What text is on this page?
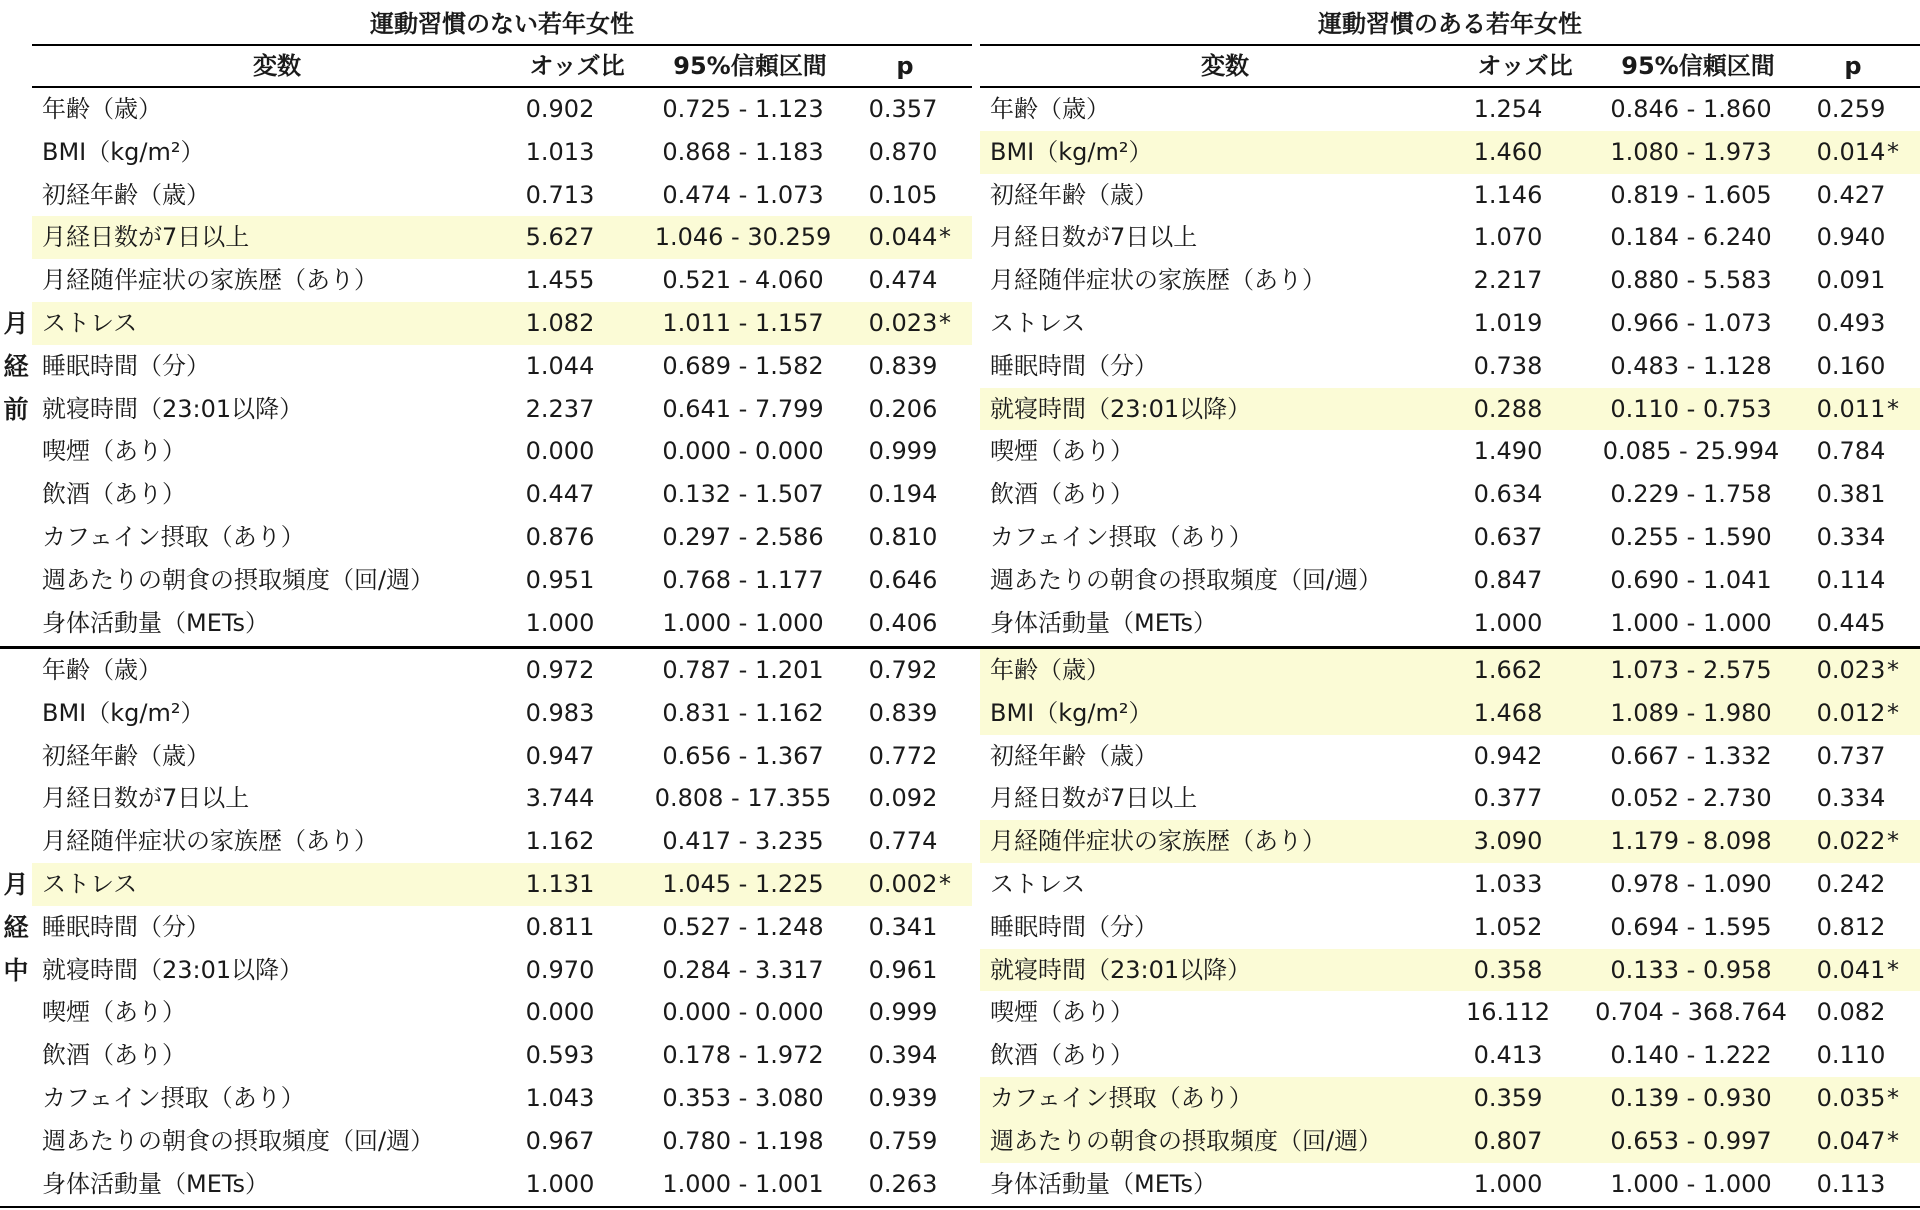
運動習慣のない若年女性	運動習慣のある若年女性
変数	オッズ比	95%信頼区間	p	変数	オッズ比	95%信頼区間	p
年齢（歳）	0.902	0.725 - 1.123	0.357	年齢（歳）	1.254	0.846 - 1.860	0.259
BMI（kg/m²）	1.013	0.868 - 1.183	0.870	BMI（kg/m²）	1.460	1.080 - 1.973	0.014 *
初経年齢（歳）	0.713	0.474 - 1.073	0.105	初経年齢（歳）	1.146	0.819 - 1.605	0.427
月経日数が7日以上	5.627	1.046 - 30.259	0.044 *	月経日数が7日以上	1.070	0.184 - 6.240	0.940
月経随伴症状の家族歴（あり）	1.455	0.521 - 4.060	0.474	月経随伴症状の家族歴（あり）	2.217	0.880 - 5.583	0.091
ストレス	1.082	1.011 - 1.157	0.023 *	ストレス	1.019	0.966 - 1.073	0.493
睡眠時間（分）	1.044	0.689 - 1.582	0.839	睡眠時間（分）	0.738	0.483 - 1.128	0.160
就寝時間（23:01以降）	2.237	0.641 - 7.799	0.206	就寝時間（23:01以降）	0.288	0.110 - 0.753	0.011 *
喫煙（あり）	0.000	0.000 - 0.000	0.999	喫煙（あり）	1.490	0.085 - 25.994	0.784
飲酒（あり）	0.447	0.132 - 1.507	0.194	飲酒（あり）	0.634	0.229 - 1.758	0.381
カフェイン摂取（あり）	0.876	0.297 - 2.586	0.810	カフェイン摂取（あり）	0.637	0.255 - 1.590	0.334
週あたりの朝食の摂取頻度（回/週）	0.951	0.768 - 1.177	0.646	週あたりの朝食の摂取頻度（回/週）	0.847	0.690 - 1.041	0.114
身体活動量（METs）	1.000	1.000 - 1.000	0.406	身体活動量（METs）	1.000	1.000 - 1.000	0.445
月
経
前
年齢（歳）	0.972	0.787 - 1.201	0.792	年齢（歳）	1.662	1.073 - 2.575	0.023 *
BMI（kg/m²）	0.983	0.831 - 1.162	0.839	BMI（kg/m²）	1.468	1.089 - 1.980	0.012 *
初経年齢（歳）	0.947	0.656 - 1.367	0.772	初経年齢（歳）	0.942	0.667 - 1.332	0.737
月経日数が7日以上	3.744	0.808 - 17.355	0.092	月経日数が7日以上	0.377	0.052 - 2.730	0.334
月経随伴症状の家族歴（あり）	1.162	0.417 - 3.235	0.774	月経随伴症状の家族歴（あり）	3.090	1.179 - 8.098	0.022 *
ストレス	1.131	1.045 - 1.225	0.002 *	ストレス	1.033	0.978 - 1.090	0.242
睡眠時間（分）	0.811	0.527 - 1.248	0.341	睡眠時間（分）	1.052	0.694 - 1.595	0.812
就寝時間（23:01以降）	0.970	0.284 - 3.317	0.961	就寝時間（23:01以降）	0.358	0.133 - 0.958	0.041 *
喫煙（あり）	0.000	0.000 - 0.000	0.999	喫煙（あり）	16.112	0.704 - 368.764	0.082
飲酒（あり）	0.593	0.178 - 1.972	0.394	飲酒（あり）	0.413	0.140 - 1.222	0.110
カフェイン摂取（あり）	1.043	0.353 - 3.080	0.939	カフェイン摂取（あり）	0.359	0.139 - 0.930	0.035 *
週あたりの朝食の摂取頻度（回/週）	0.967	0.780 - 1.198	0.759	週あたりの朝食の摂取頻度（回/週）	0.807	0.653 - 0.997	0.047 *
身体活動量（METs）	1.000	1.000 - 1.001	0.263	身体活動量（METs）	1.000	1.000 - 1.000	0.113
月
経
中
